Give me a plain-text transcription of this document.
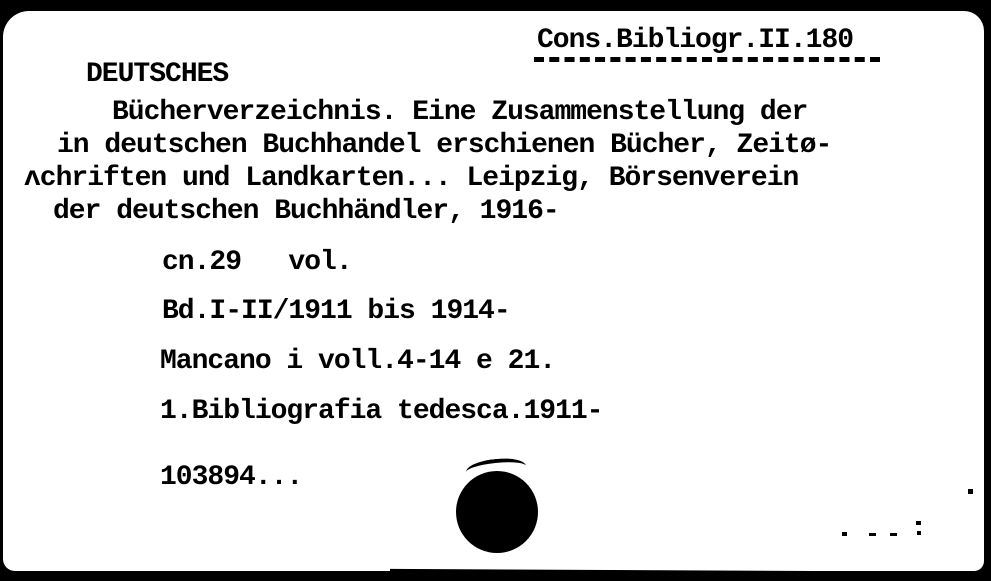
Cons.Bibliogr.II.180
DEUTSCHES
Bücherverzeichnis. Eine Zusammenstellung der
in deutschen Buchhandel erschienen Bücher, Zeitø-
ʌchriften und Landkarten... Leipzig, Börsenverein
der deutschen Buchhändler, 1916-
cn.29   vol.
Bd.I-II/1911 bis 1914-
Mancano i voll.4-14 e 21.
1.Bibliografia tedesca.1911-
103894...
